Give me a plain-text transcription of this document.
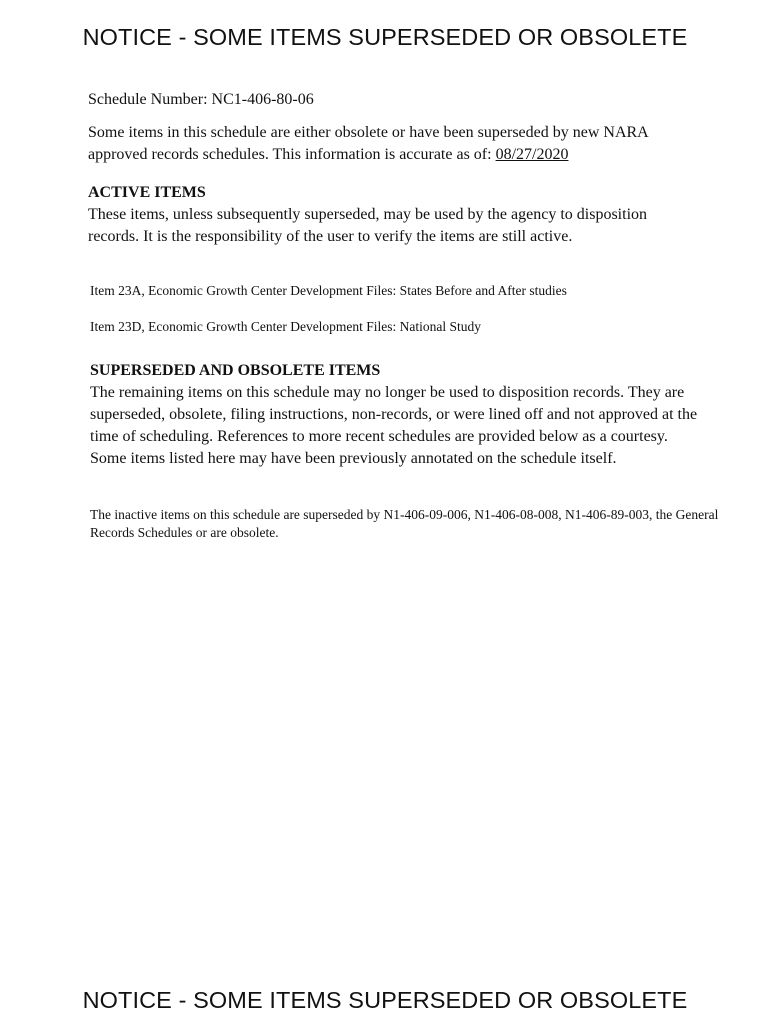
NOTICE - SOME ITEMS SUPERSEDED OR OBSOLETE

Schedule Number: NC1-406-80-06

Some items in this schedule are either obsolete or have been superseded by new NARA approved records schedules. This information is accurate as of: 08/27/2020

ACTIVE ITEMS

These items, unless subsequently superseded, may be used by the agency to disposition records. It is the responsibility of the user to verify the items are still active.

Item 23A, Economic Growth Center Development Files: States Before and After studies

Item 23D, Economic Growth Center Development Files: National Study

SUPERSEDED AND OBSOLETE ITEMS

The remaining items on this schedule may no longer be used to disposition records. They are superseded, obsolete, filing instructions, non-records, or were lined off and not approved at the time of scheduling. References to more recent schedules are provided below as a courtesy. Some items listed here may have been previously annotated on the schedule itself.

The inactive items on this schedule are superseded by N1-406-09-006, N1-406-08-008, N1-406-89-003, the General Records Schedules or are obsolete.

NOTICE - SOME ITEMS SUPERSEDED OR OBSOLETE
